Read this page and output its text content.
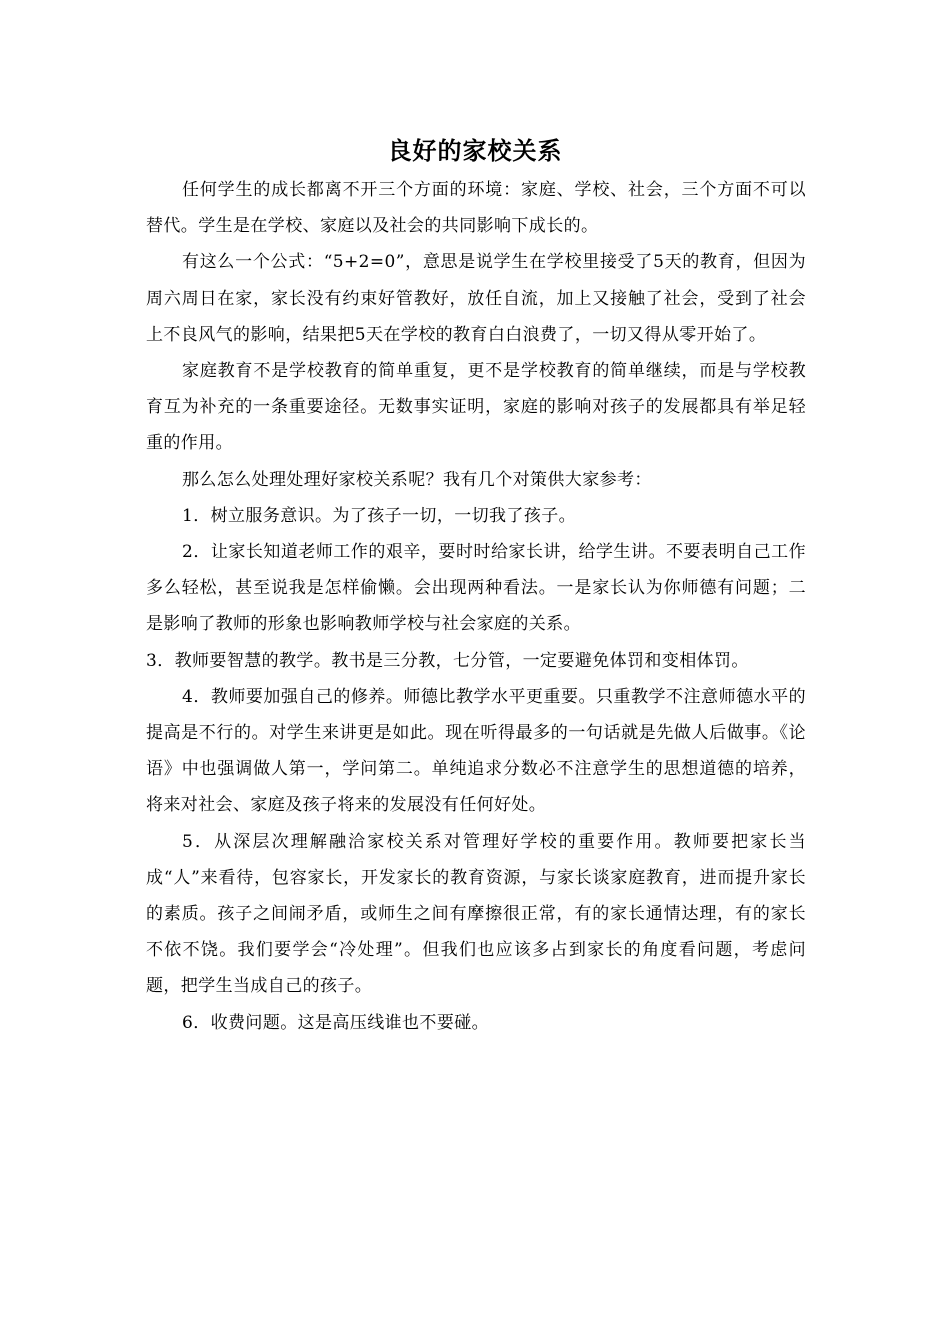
良好的家校关系

任何学生的成长都离不开三个方面的环境：家庭、学校、社会，三个方面不可以替代。学生是在学校、家庭以及社会的共同影响下成长的。

有这么一个公式：“5+2=0”，意思是说学生在学校里接受了5天的教育，但因为周六周日在家，家长没有约束好管教好，放任自流，加上又接触了社会，受到了社会上不良风气的影响，结果把5天在学校的教育白白浪费了，一切又得从零开始了。

家庭教育不是学校教育的简单重复，更不是学校教育的简单继续，而是与学校教育互为补充的一条重要途径。无数事实证明，家庭的影响对孩子的发展都具有举足轻重的作用。

那么怎么处理处理好家校关系呢？我有几个对策供大家参考：

1．树立服务意识。为了孩子一切，一切我了孩子。

2．让家长知道老师工作的艰辛，要时时给家长讲，给学生讲。不要表明自己工作多么轻松，甚至说我是怎样偷懒。会出现两种看法。一是家长认为你师德有问题；二是影响了教师的形象也影响教师学校与社会家庭的关系。

3．教师要智慧的教学。教书是三分教，七分管，一定要避免体罚和变相体罚。

4．教师要加强自己的修养。师德比教学水平更重要。只重教学不注意师德水平的提高是不行的。对学生来讲更是如此。现在听得最多的一句话就是先做人后做事。《论语》中也强调做人第一，学问第二。单纯追求分数必不注意学生的思想道德的培养，将来对社会、家庭及孩子将来的发展没有任何好处。

5．从深层次理解融洽家校关系对管理好学校的重要作用。教师要把家长当成“人”来看待，包容家长，开发家长的教育资源，与家长谈家庭教育，进而提升家长的素质。孩子之间闹矛盾，或师生之间有摩擦很正常，有的家长通情达理，有的家长不依不饶。我们要学会“冷处理”。但我们也应该多占到家长的角度看问题，考虑问题，把学生当成自己的孩子。

6．收费问题。这是高压线谁也不要碰。
